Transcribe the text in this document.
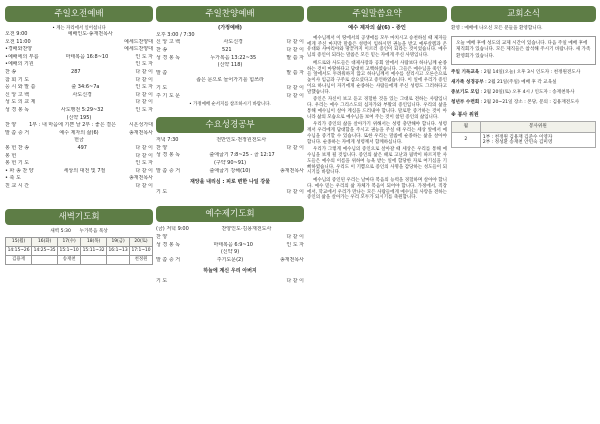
주일오전예배
• 계는 자리에서 일어섭니다
오전 9:00	예배인도·송재천목사
오전 11:00	예세드찬양대
•경배와찬양	예세드찬양대
•예배에의 부름	마태복음 16:8~10	인 도 자
•예배의 기원	인 도 자
찬 송	287	다 같 이
참 회 기 도	다 같 이
응 시 와 말 씀	출 34:6~7a	인 도 자
신 앙 고 백	사도신경	다 같 이
성 도 의 교 제	다 같 이
성 경 봉 독	사도행전 5:29~32	인 도 자
(신약 195)
찬 양	1부 : 내 마음에 기쁜 날 2부 : 좋은 결은	시온성가대
말 씀 증 거	예수 제자의 삶(6)	송재천목사
헌금
봉 헌 찬 송	497	다 같 이
봉 헌	다 같 이
봉 헌 기 도	인 도 자
• 파 송 찬 양	세상의 대전 및 7절	다 같 이
• 축 도	송재천목사
친 교 시 간	다 같 이
새벽기도회
새벽 5:30 누가복음 묵상
15(월)	16(화)	17(수)	18(목)	19(금)	20(토)
14:15~26	14:25~35	15:1~10	15:11~32	16:1~13	17:1~10
김용재		송재천			천정원
주일찬양예배
(가정예배)
오후 3:00 / 7:30
신 앙 고 백	사도신경	다 같 이
찬 송	521	다 같 이
성 경 봉 독	누가복음 13:22~35	말 씀 자
(신약 118)
말 씀	말 씀 자
좁은 문으로 들어가기를 힘쓰라
기 도	다 같 이
주 기 도 문	다 같 이
• 가정예배 순서지를 참조하시기 바랍니다.
수요성경공부
저녁 7:30	전반인도·천정원전도사
찬 양	다 같 이
성 경 봉 독	출애굽기 7:8~25 - 골 12:17
(구약 90~91)
말 씀 증 거	출애굽기 강해(10)	송재천목사
재앙을 내리심 : 피로 변한 나일 강물
기 도	다 같 이
예수제기도회
(금) 저녁 9:00	찬양인도·김용재전도사
찬 양	다 같 이
성 경 봉 독	마태복음 6:9~10	인 도 자
(신약 9)
말 씀 증 거	주기도문(2)	송재천목사
하늘에 계신 우리 아버지
기 도	다 같 이
주일말씀요약
예수 제자의 삶(6) - 증인

예수님께서 이 땅에서의 공생애를 모두 마치시고 승천하실 때 제자들에게 주신 마지막 말씀은 성령이 임하시면 권능을 받고 예루살렘과 온 유대와 사마리아와 땅끝까지 이르러 증인이 되라는 것이었습니다. 예수님의 증인이 되라는 말씀은 모든 믿는 자에게 주신 사명입니다.

베드로와 사도들은 대제사장과 공회 앞에서 사람보다 하나님께 순종하는 것이 마땅하다고 담대히 고백하였습니다. 그들은 예수님을 죽인 자들 앞에서도 두려워하지 않고 하나님께서 예수를 살리시고 오른손으로 높이사 임금과 구주로 삼으셨다고 증언하였습니다. 이 일에 우리가 증인이요 하나님이 자기에게 순종하는 사람들에게 주신 성령도 그러하다고 말했습니다.

증인은 자신이 보고 듣고 경험한 것을 있는 그대로 전하는 사람입니다. 우리는 예수 그리스도의 십자가와 부활의 증인입니다. 우리의 삶을 통해 예수님이 살아 계심을 드러내야 합니다. 말로만 증거하는 것이 아니라 삶의 모습으로 예수님을 보여 주는 것이 참된 증인의 삶입니다.

우리가 증인의 삶을 살아가기 위해서는 성령 충만해야 합니다. 성령께서 우리에게 담대함을 주시고 권능을 주실 때 우리는 세상 앞에서 예수님을 증거할 수 있습니다. 또한 우리는 말씀에 순종하는 삶을 살아야 합니다. 순종하는 자에게 성령께서 함께하십니다.

우리가 그렇게 예수님의 증인으로 살아갈 때 세상은 우리를 통해 예수님을 보게 될 것입니다. 증인의 삶은 때로 고난과 핍박이 따르지만 사도들은 예수의 이름을 위하여 능욕 받는 일에 합당한 자로 여기심을 기뻐하였습니다. 우리도 이 기쁨으로 증인의 사명을 감당하는 성도들이 되시기를 바랍니다.

예수님의 증인된 우리는 날마다 복음의 능력을 경험하며 살아야 합니다. 예수 믿는 우리의 삶 자체가 복음이 되어야 합니다. 가정에서, 직장에서, 학교에서 우리가 만나는 모든 사람들에게 예수님의 사랑을 전하는 증인의 삶을 살아가는 우리 모두가 되시기를 축원합니다.

교회소식
환영 : 예배에 나오신 모든 분들을 환영합니다.
오늘 예배 후에 성도의 교제 시간이 있습니다. 다음 주일 예배 후에 제직회가 있습니다. 모든 제직들은 참석해 주시기 바랍니다. 새 가족 환영회가 있습니다.
주일 기독교육 : 2월 14일(오늘) 오후 3시 인도자 : 천정원전도사
새가족 성경공부 : 2월 21일(주일) 예배 후 각 교육실
중보기도 모임 : 2월 20일(토) 오후 4시 / 인도자 : 송재천목사
청년부 수련회 : 2월 20~21일 장소 : 본당, 문의 : 김용재전도사
※ 봉사 위원
월	봉사위원
2	1부 : 천정원 김용재 김준수 이영자
2부 : 정성환 송재천 안민숙 김미영
